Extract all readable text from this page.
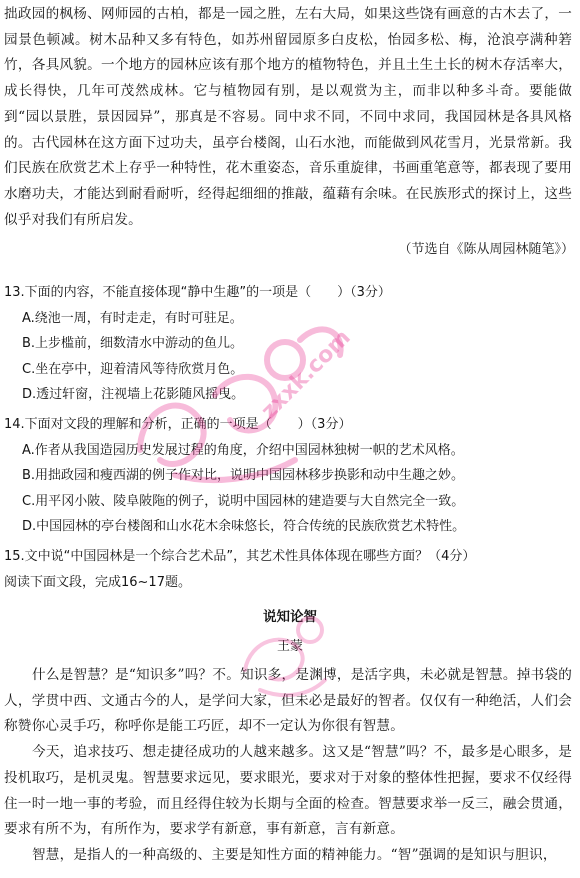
拙政园的枫杨、网师园的古柏，都是一园之胜，左右大局，如果这些饶有画意的古木去了，一园景色顿减。树木品种又多有特色，如苏州留园原多白皮松，怡园多松、梅，沧浪亭满种箬竹，各具风貌。一个地方的园林应该有那个地方的植物特色，并且土生土长的树木存活率大，成长得快，几年可茂然成林。它与植物园有别，是以观赏为主，而非以种多斗奇。要能做到“园以景胜，景因园异”，那真是不容易。同中求不同，不同中求同，我国园林是各具风格的。古代园林在这方面下过功夫，虽亭台楼阁，山石水池，而能做到风花雪月，光景常新。我们民族在欣赏艺术上存乎一种特性，花木重姿态，音乐重旋律，书画重笔意等，都表现了要用水磨功夫，才能达到耐看耐听，经得起细细的推敲，蕴藉有余味。在民族形式的探讨上，这些似乎对我们有所启发。

（节选自《陈从周园林随笔》）

13.下面的内容，不能直接体现“静中生趣”的一项是（　　）（3分）

A.绕池一周，有时走走，有时可驻足。

B.上步槛前，细数清水中游动的鱼儿。

C.坐在亭中，迎着清风等待欣赏月色。

D.透过轩窗，注视墙上花影随风摇曳。

14.下面对文段的理解和分析，正确的一项是（　　）（3分）

A.作者从我国造园历史发展过程的角度，介绍中国园林独树一帜的艺术风格。

B.用拙政园和瘦西湖的例子作对比，说明中国园林移步换影和动中生趣之妙。

C.用平冈小陂、陵阜陂陁的例子，说明中国园林的建造要与大自然完全一致。

D.中国园林的亭台楼阁和山水花木余味悠长，符合传统的民族欣赏艺术特性。

15.文中说“中国园林是一个综合艺术品”，其艺术性具体体现在哪些方面？（4分）

阅读下面文段，完成16~17题。

说知论智

王蒙

什么是智慧？是“知识多”吗？不。知识多，是渊博，是活字典，未必就是智慧。掉书袋的人，学贯中西、文通古今的人，是学问大家，但未必是最好的智者。仅仅有一种绝活，人们会称赞你心灵手巧，称呼你是能工巧匠，却不一定认为你很有智慧。

今天，追求技巧、想走捷径成功的人越来越多。这又是“智慧”吗？不，最多是心眼多，是投机取巧，是机灵鬼。智慧要求远见，要求眼光，要求对于对象的整体性把握，要求不仅经得住一时一地一事的考验，而且经得住较为长期与全面的检查。智慧要求举一反三，融会贯通，要求有所不为，有所作为，要求学有新意，事有新意，言有新意。

智慧，是指人的一种高级的、主要是知性方面的精神能力。“智”强调的是知识与胆识，

zxxk.com
